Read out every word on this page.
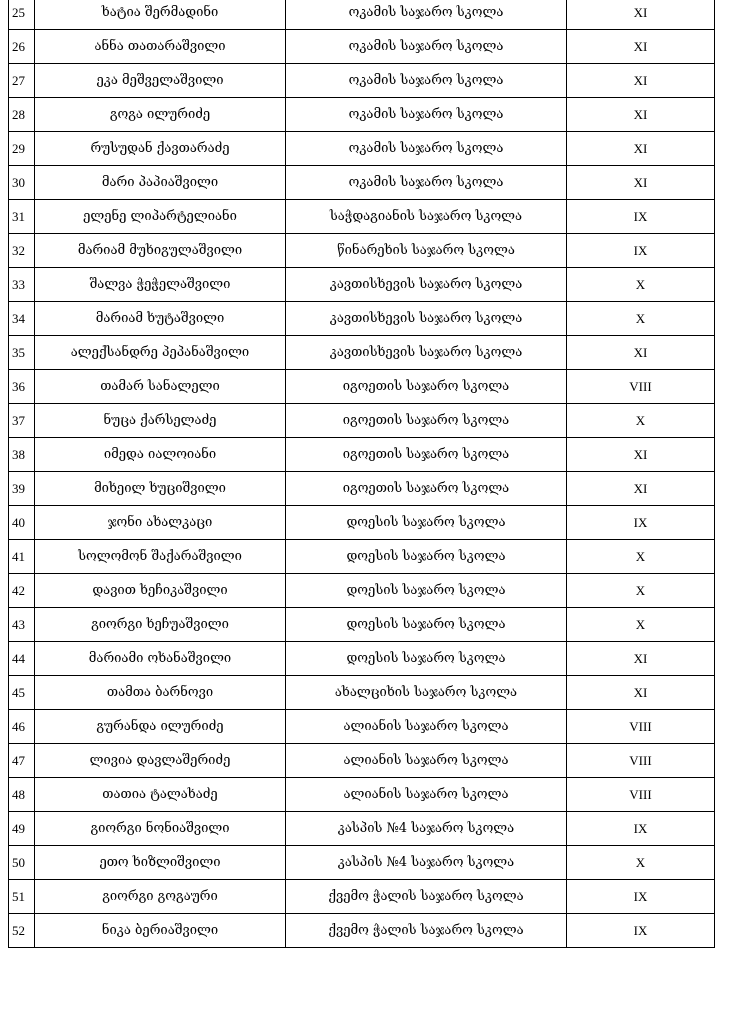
25	ხატია შერმადინი	ოკამის საჯარო სკოლა	XI
26	ანნა თათარაშვილი	ოკამის საჯარო სკოლა	XI
27	ეკა მეშველაშვილი	ოკამის საჯარო სკოლა	XI
28	გოგა ილურიძე	ოკამის საჯარო სკოლა	XI
29	რუსუდან ქავთარაძე	ოკამის საჯარო სკოლა	XI
30	მარი პაპიაშვილი	ოკამის საჯარო სკოლა	XI
31	ელენე ლიპარტელიანი	საჭდაგიანის საჯარო სკოლა	IX
32	მარიამ მუხიგულაშვილი	წინარეხის საჯარო სკოლა	IX
33	შალვა ჭეჭელაშვილი	კავთისხევის საჯარო სკოლა	X
34	მარიამ ხუტაშვილი	კავთისხევის საჯარო სკოლა	X
35	ალექსანდრე პეპანაშვილი	კავთისხევის საჯარო სკოლა	XI
36	თამარ სანალელი	იგოეთის საჯარო სკოლა	VIII
37	ნუცა ქარსელაძე	იგოეთის საჯარო სკოლა	X
38	იმედა იალოიანი	იგოეთის საჯარო სკოლა	XI
39	მიხეილ ხუციშვილი	იგოეთის საჯარო სკოლა	XI
40	ჯონი ახალკაცი	დოესის საჯარო სკოლა	IX
41	სოლომონ შაქარაშვილი	დოესის საჯარო სკოლა	X
42	დავით ხეჩიკაშვილი	დოესის საჯარო სკოლა	X
43	გიორგი ხეჩუაშვილი	დოესის საჯარო სკოლა	X
44	მარიამი ოხანაშვილი	დოესის საჯარო სკოლა	XI
45	თამთა ბარნოვი	ახალციხის საჯარო სკოლა	XI
46	გურანდა ილურიძე	ალიანის საჯარო სკოლა	VIII
47	ლივია დავლაშერიძე	ალიანის საჯარო სკოლა	VIII
48	თათია ტალახაძე	ალიანის საჯარო სკოლა	VIII
49	გიორგი ნონიაშვილი	კასპის №4 საჯარო სკოლა	IX
50	ეთო ხიზლიშვილი	კასპის №4 საჯარო სკოლა	X
51	გიორგი გოგაური	ქვემო ჭალის საჯარო სკოლა	IX
52	ნიკა ბერიაშვილი	ქვემო ჭალის საჯარო სკოლა	IX
